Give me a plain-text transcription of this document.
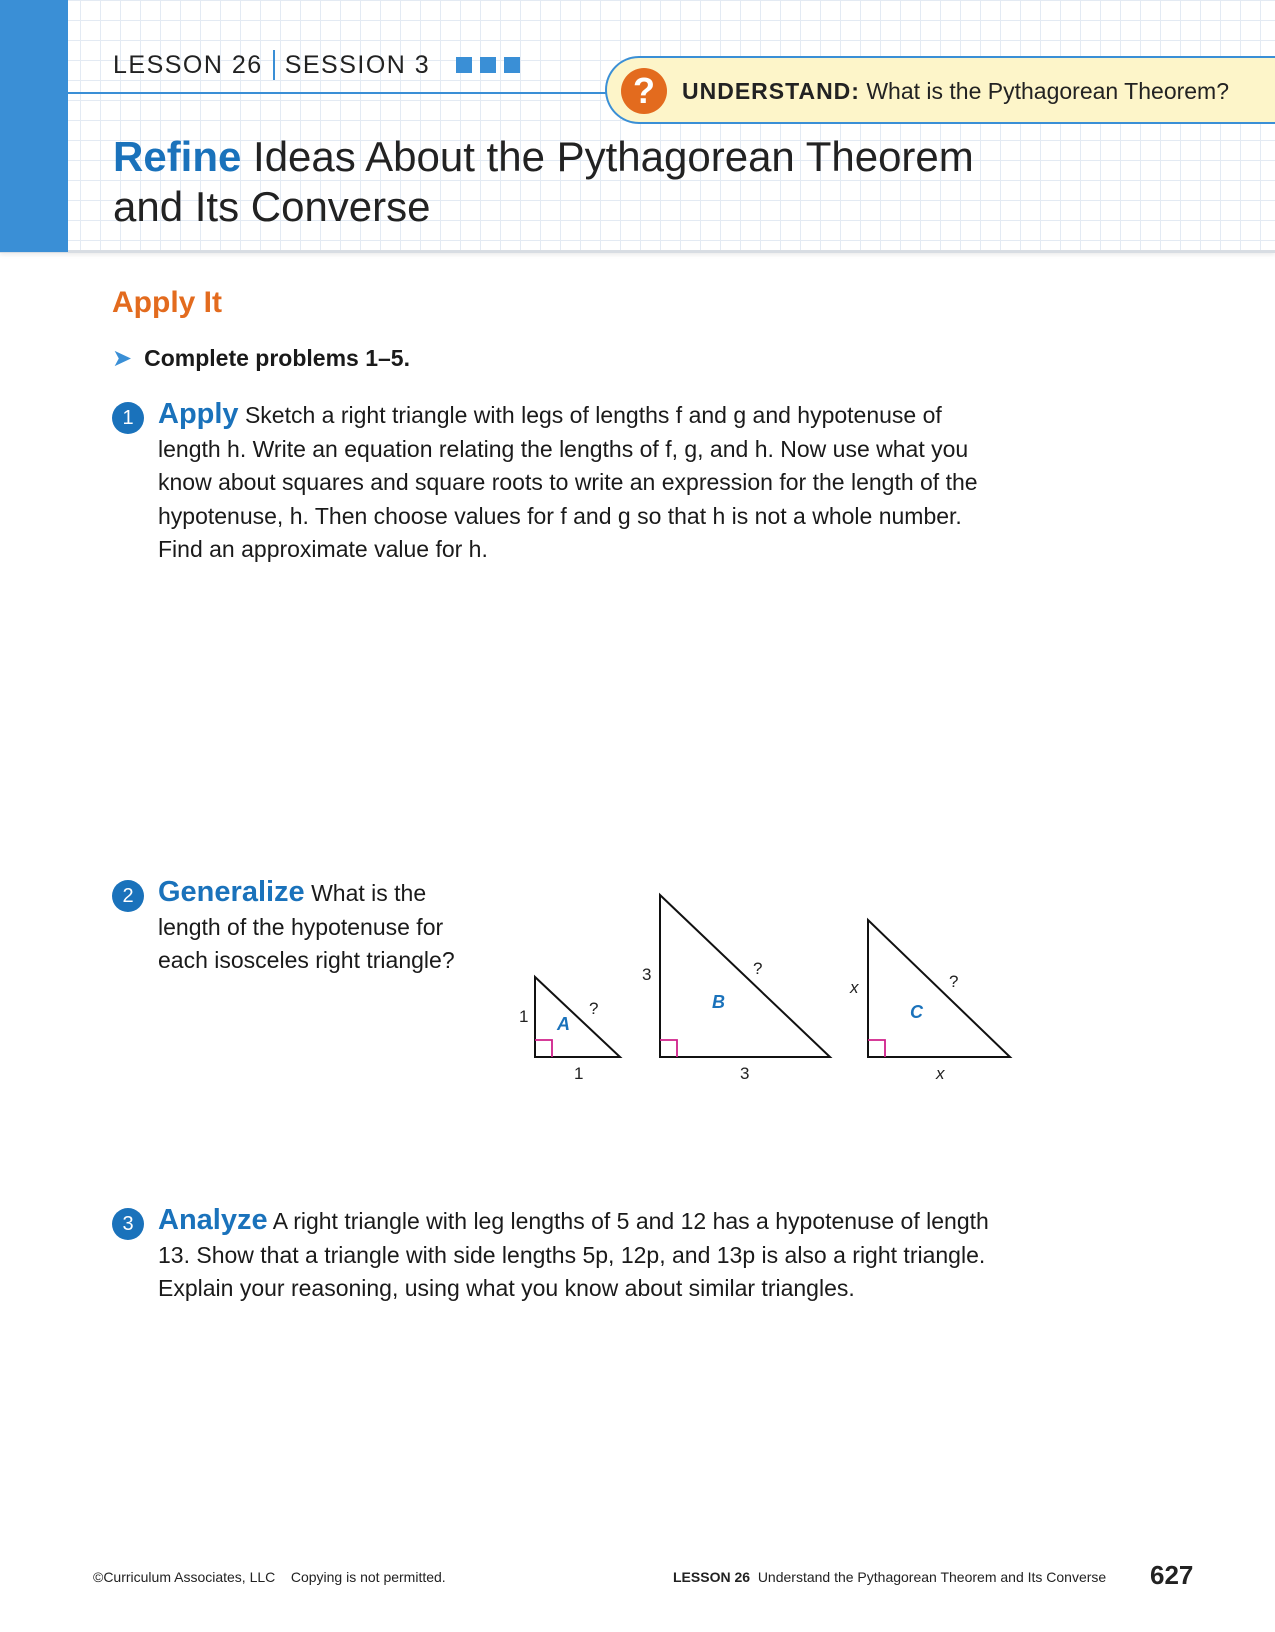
LESSON 26 SESSION 3
?	UNDERSTAND: What is the Pythagorean Theorem?
Refine Ideas About the Pythagorean Theorem
and Its Converse
Apply It
➤ Complete problems 1–5.
1 Apply Sketch a right triangle with legs of lengths f and g and hypotenuse of length h. Write an equation relating the lengths of f, g, and h. Now use what you know about squares and square roots to write an expression for the length of the hypotenuse, h. Then choose values for f and g so that h is not a whole number. Find an approximate value for h.
2 Generalize What is the length of the hypotenuse for each isosceles right triangle?
1
1
?
A
3
3
?
B
x
x
?
C
3 Analyze A right triangle with leg lengths of 5 and 12 has a hypotenuse of length 13. Show that a triangle with side lengths 5p, 12p, and 13p is also a right triangle. Explain your reasoning, using what you know about similar triangles.
©Curriculum Associates, LLC Copying is not permitted.	LESSON 26 Understand the Pythagorean Theorem and Its Converse 627
